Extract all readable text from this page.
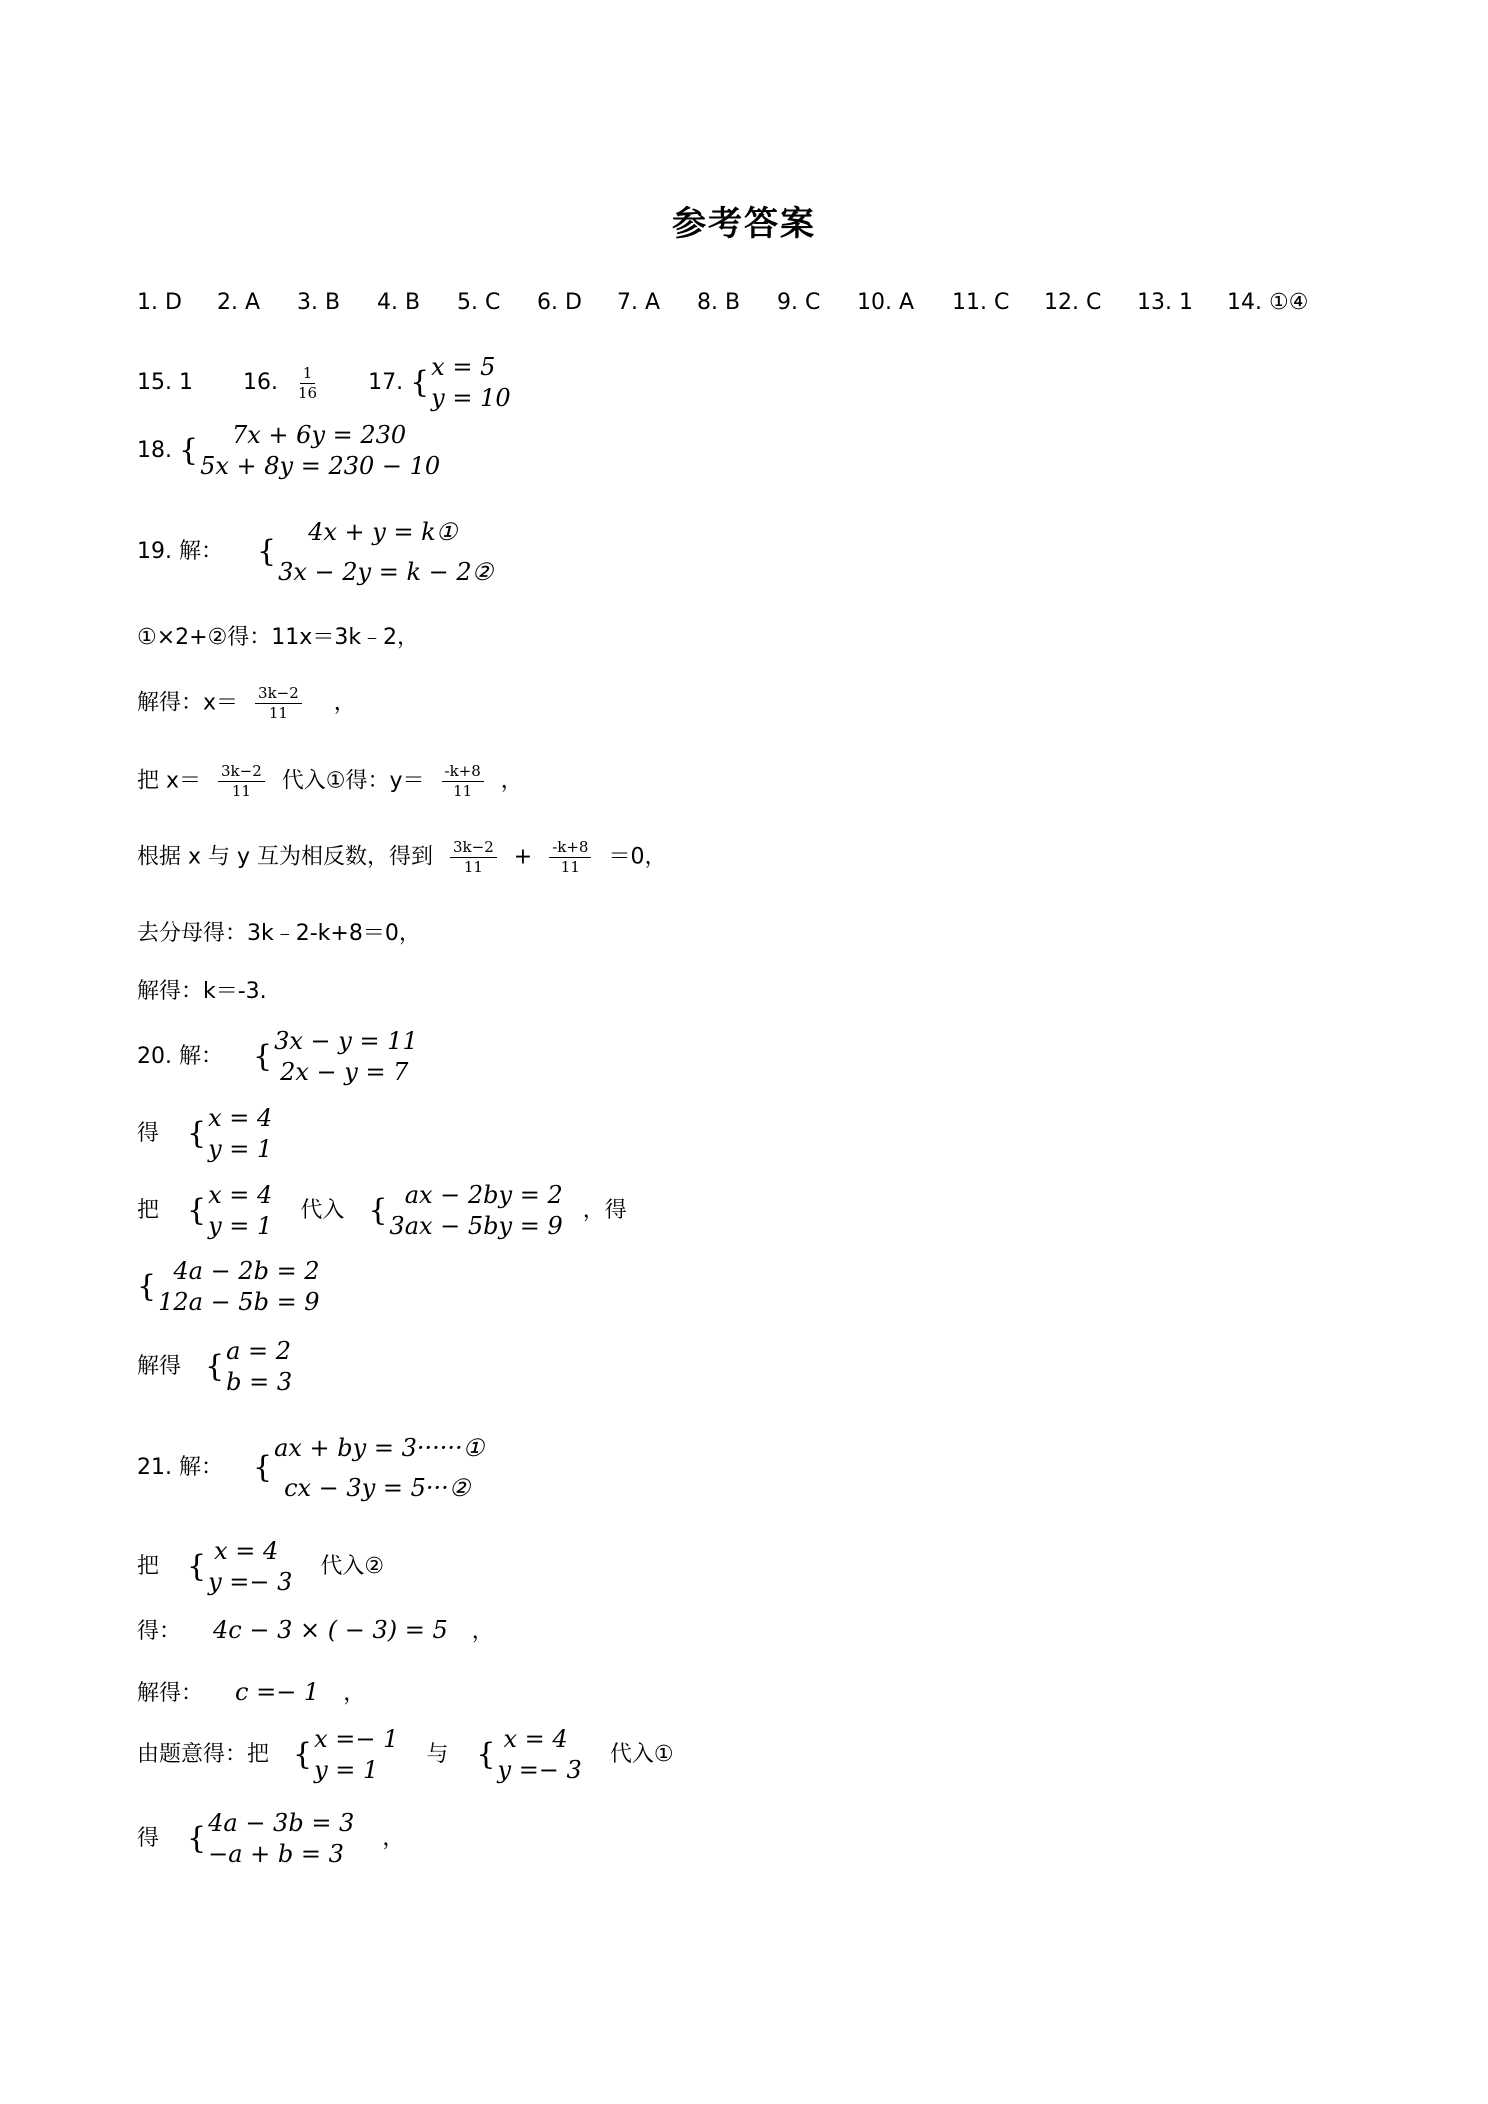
参考答案
1. D 2. A 3. B 4. B 5. C 6. D 7. A 8. B 9. C 10. A 11. C 12. C 13. 1 14. ①④
15. 1 16. $\frac{1}{16} 17$. { x = 5
y = 10
18. { 7x + 6y = 230
5x + 8y = 230 − 10
19. 解： {
4x + y = k①
3x − 2y = k − 2②
①×2+②得：11x＝3k﹣2，
解得：$x= \frac{3k-2}{11}$ ，
把 $x= \frac{3k-2}{11}$ 代入①得：$y= \frac{-k+8}{11}$ ，
根据 x 与 y 互为相反数，得到 $\frac{3k-2}{11} + \frac{-k+8}{11} =0$，
去分母得：3k﹣2-k+8＝0，
解得：k＝-3.
20. 解： { 3x − y = 11
2x − y = 7
得 { x = 4
y = 1
把 { x = 4
y = 1
代入 { ax − 2by = 2
3ax − 5by = 9
，得
{ 4a − 2b = 2
12a − 5b = 9
解得 { a = 2
b = 3
21. 解： {
ax + by = 3······①
cx − 3y = 5···②
把 { x = 4
y =− 3
代入②
得： 4c − 3 × ( − 3) = 5 ，
解得： c =− 1 ，
由题意得：把 { x =− 1
y = 1
与 { x = 4
y =− 3
代入①
得 { 4a − 3b = 3
−a + b = 3
，
